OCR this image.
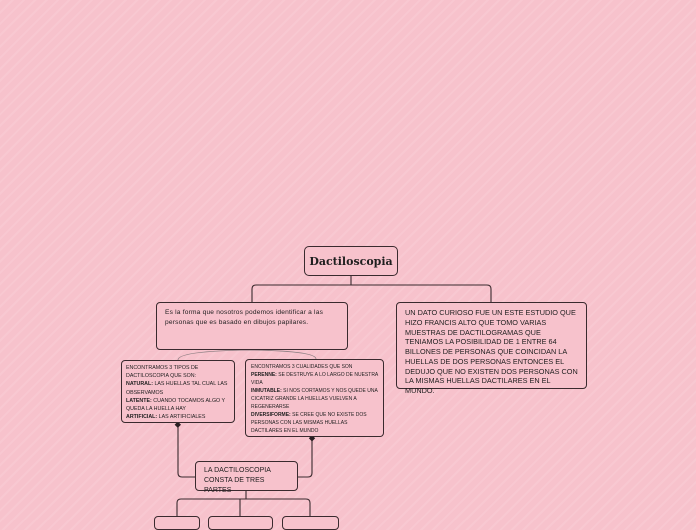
Dactiloscopia
Es la forma que nosotros podemos identificar a las personas que es basado en dibujos papilares.
UN DATO CURIOSO FUE UN ESTE ESTUDIO QUE HIZO FRANCIS ALTO QUE TOMO VARIAS MUESTRAS DE DACTILOGRAMAS QUE TENIAMOS LA POSIBILIDAD DE 1 ENTRE 64 BILLONES DE PERSONAS QUE COINCIDAN LA HUELLAS DE DOS PERSONAS ENTONCES EL DEDUJO QUE NO EXISTEN DOS PERSONAS CON LA MISMAS HUELLAS DACTILARES EN EL MUNDO.
ENCONTRAMOS 3 TIPOS DE DACTILOSCOPIA QUE SON:
NATURAL: LAS HUELLAS TAL CUAL LAS OBSERVAMOS
LATENTE: CUANDO TOCAMOS ALGO Y QUEDA LA HUELLA HAY
ARTIFICIAL: LAS ARTIFICIALES
ENCONTRAMOS 3 CUALIDADES QUE SON
PERENNE: SE DESTRUYE A LO LARGO DE NUESTRA VIDA
INMUTABLE: SI NOS CORTAMOS Y NOS QUEDE UNA CICATRIZ GRANDE LA HUELLAS VUELVEN A REGENERARSE
DIVERSIFORME: SE CREE QUE NO EXISTE DOS PERSONAS CON LAS MISMAS HUELLAS DACTILARES EN EL MUNDO
LA DACTILOSCOPIA CONSTA DE TRES PARTES
